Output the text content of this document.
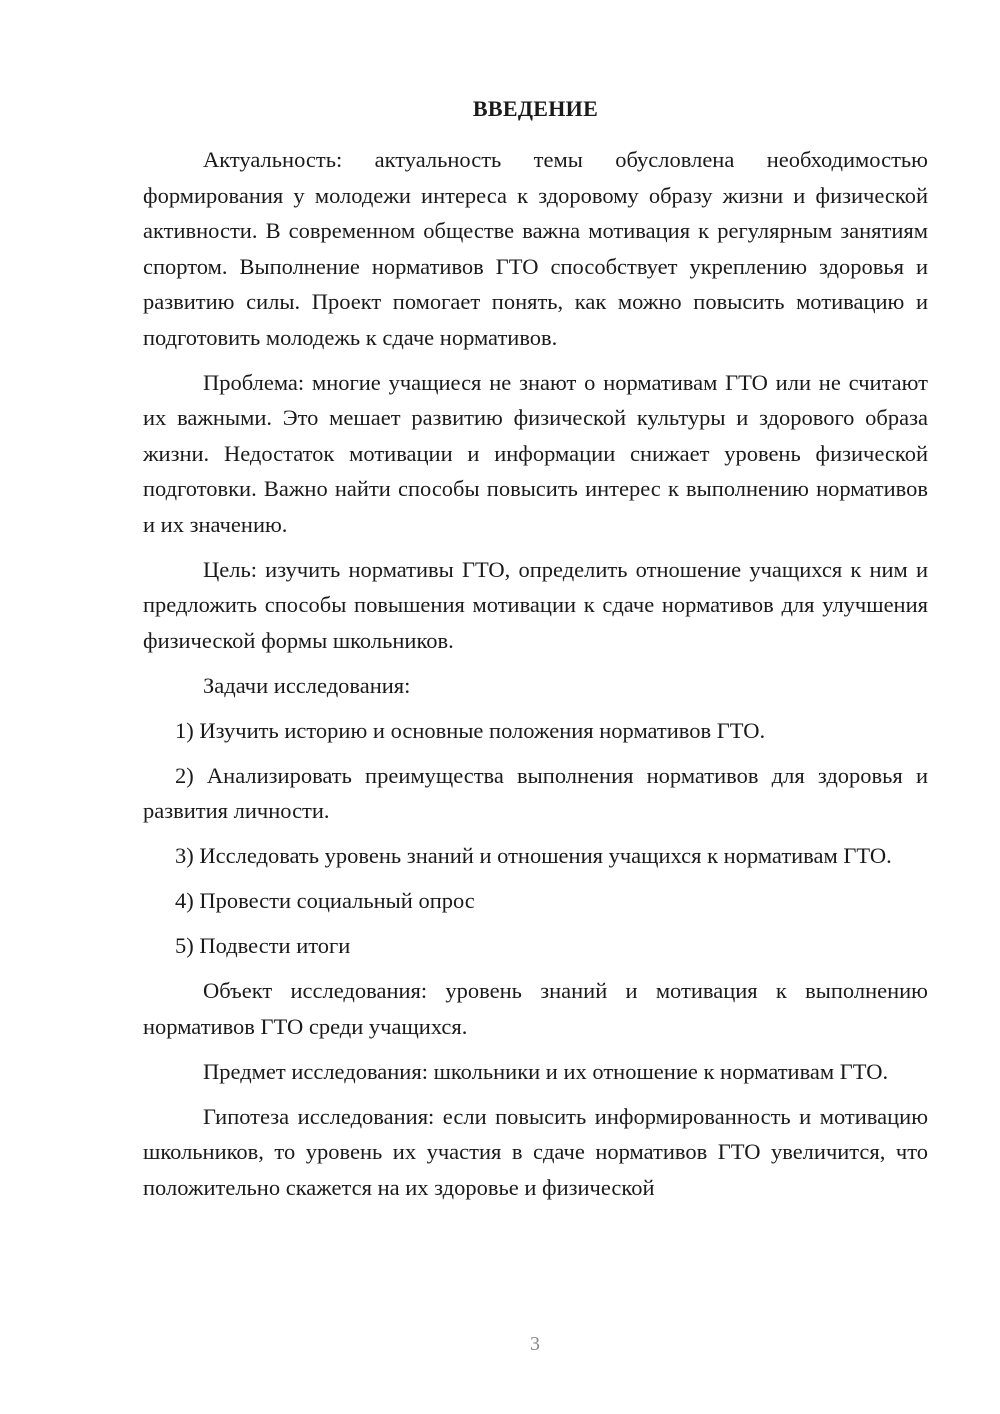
ВВЕДЕНИЕ

Актуальность: актуальность темы обусловлена необходимостью формирования у молодежи интереса к здоровому образу жизни и физической активности. В современном обществе важна мотивация к регулярным занятиям спортом. Выполнение нормативов ГТО способствует укреплению здоровья и развитию силы. Проект помогает понять, как можно повысить мотивацию и подготовить молодежь к сдаче нормативов.

Проблема: многие учащиеся не знают о нормативам ГТО или не считают их важными. Это мешает развитию физической культуры и здорового образа жизни. Недостаток мотивации и информации снижает уровень физической подготовки. Важно найти способы повысить интерес к выполнению нормативов и их значению.

Цель: изучить нормативы ГТО, определить отношение учащихся к ним и предложить способы повышения мотивации к сдаче нормативов для улучшения физической формы школьников.

Задачи исследования:

1) Изучить историю и основные положения нормативов ГТО.

2) Анализировать преимущества выполнения нормативов для здоровья и развития личности.

3) Исследовать уровень знаний и отношения учащихся к нормативам ГТО.

4) Провести социальный опрос

5) Подвести итоги

Объект исследования: уровень знаний и мотивация к выполнению нормативов ГТО среди учащихся.

Предмет исследования: школьники и их отношение к нормативам ГТО.

Гипотеза исследования: если повысить информированность и мотивацию школьников, то уровень их участия в сдаче нормативов ГТО увеличится, что положительно скажется на их здоровье и физической

3
